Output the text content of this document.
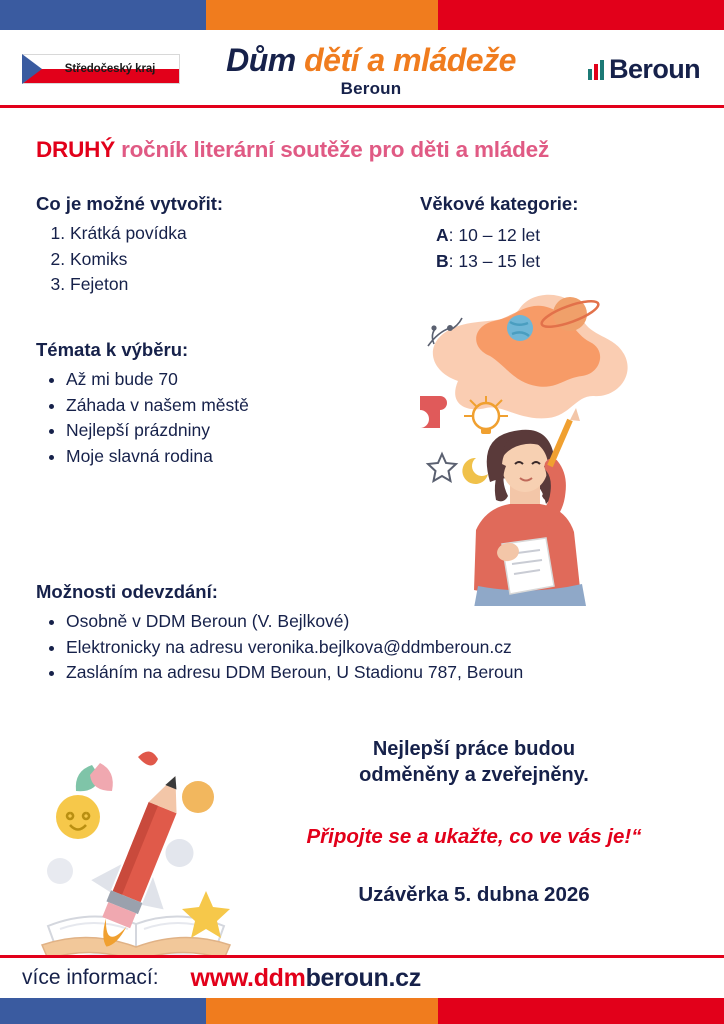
Středočeský kraj	Dům dětí a mládeže
Beroun
Beroun
DRUHÝ ročník literární soutěže pro děti a mládež
Co je možné vytvořit:
1. Krátká povídka
2. Komiks
3. Fejeton
Věkové kategorie:
A: 10 – 12 let
B: 13 – 15 let
Témata k výběru:
• Až mi bude 70
• Záhada v našem městě
• Nejlepší prázdniny
• Moje slavná rodina
Možnosti odevzdání:
• Osobně v DDM Beroun (V. Bejlkové)
• Elektronicky na adresu veronika.bejlkova@ddmberoun.cz
• Zasláním na adresu DDM Beroun, U Stadionu 787, Beroun
Nejlepší práce budou
odměněny a zveřejněny.
Připojte se a ukažte, co ve vás je!“
Uzávěrka 5. dubna 2026
více informací: www.ddmberoun.cz
